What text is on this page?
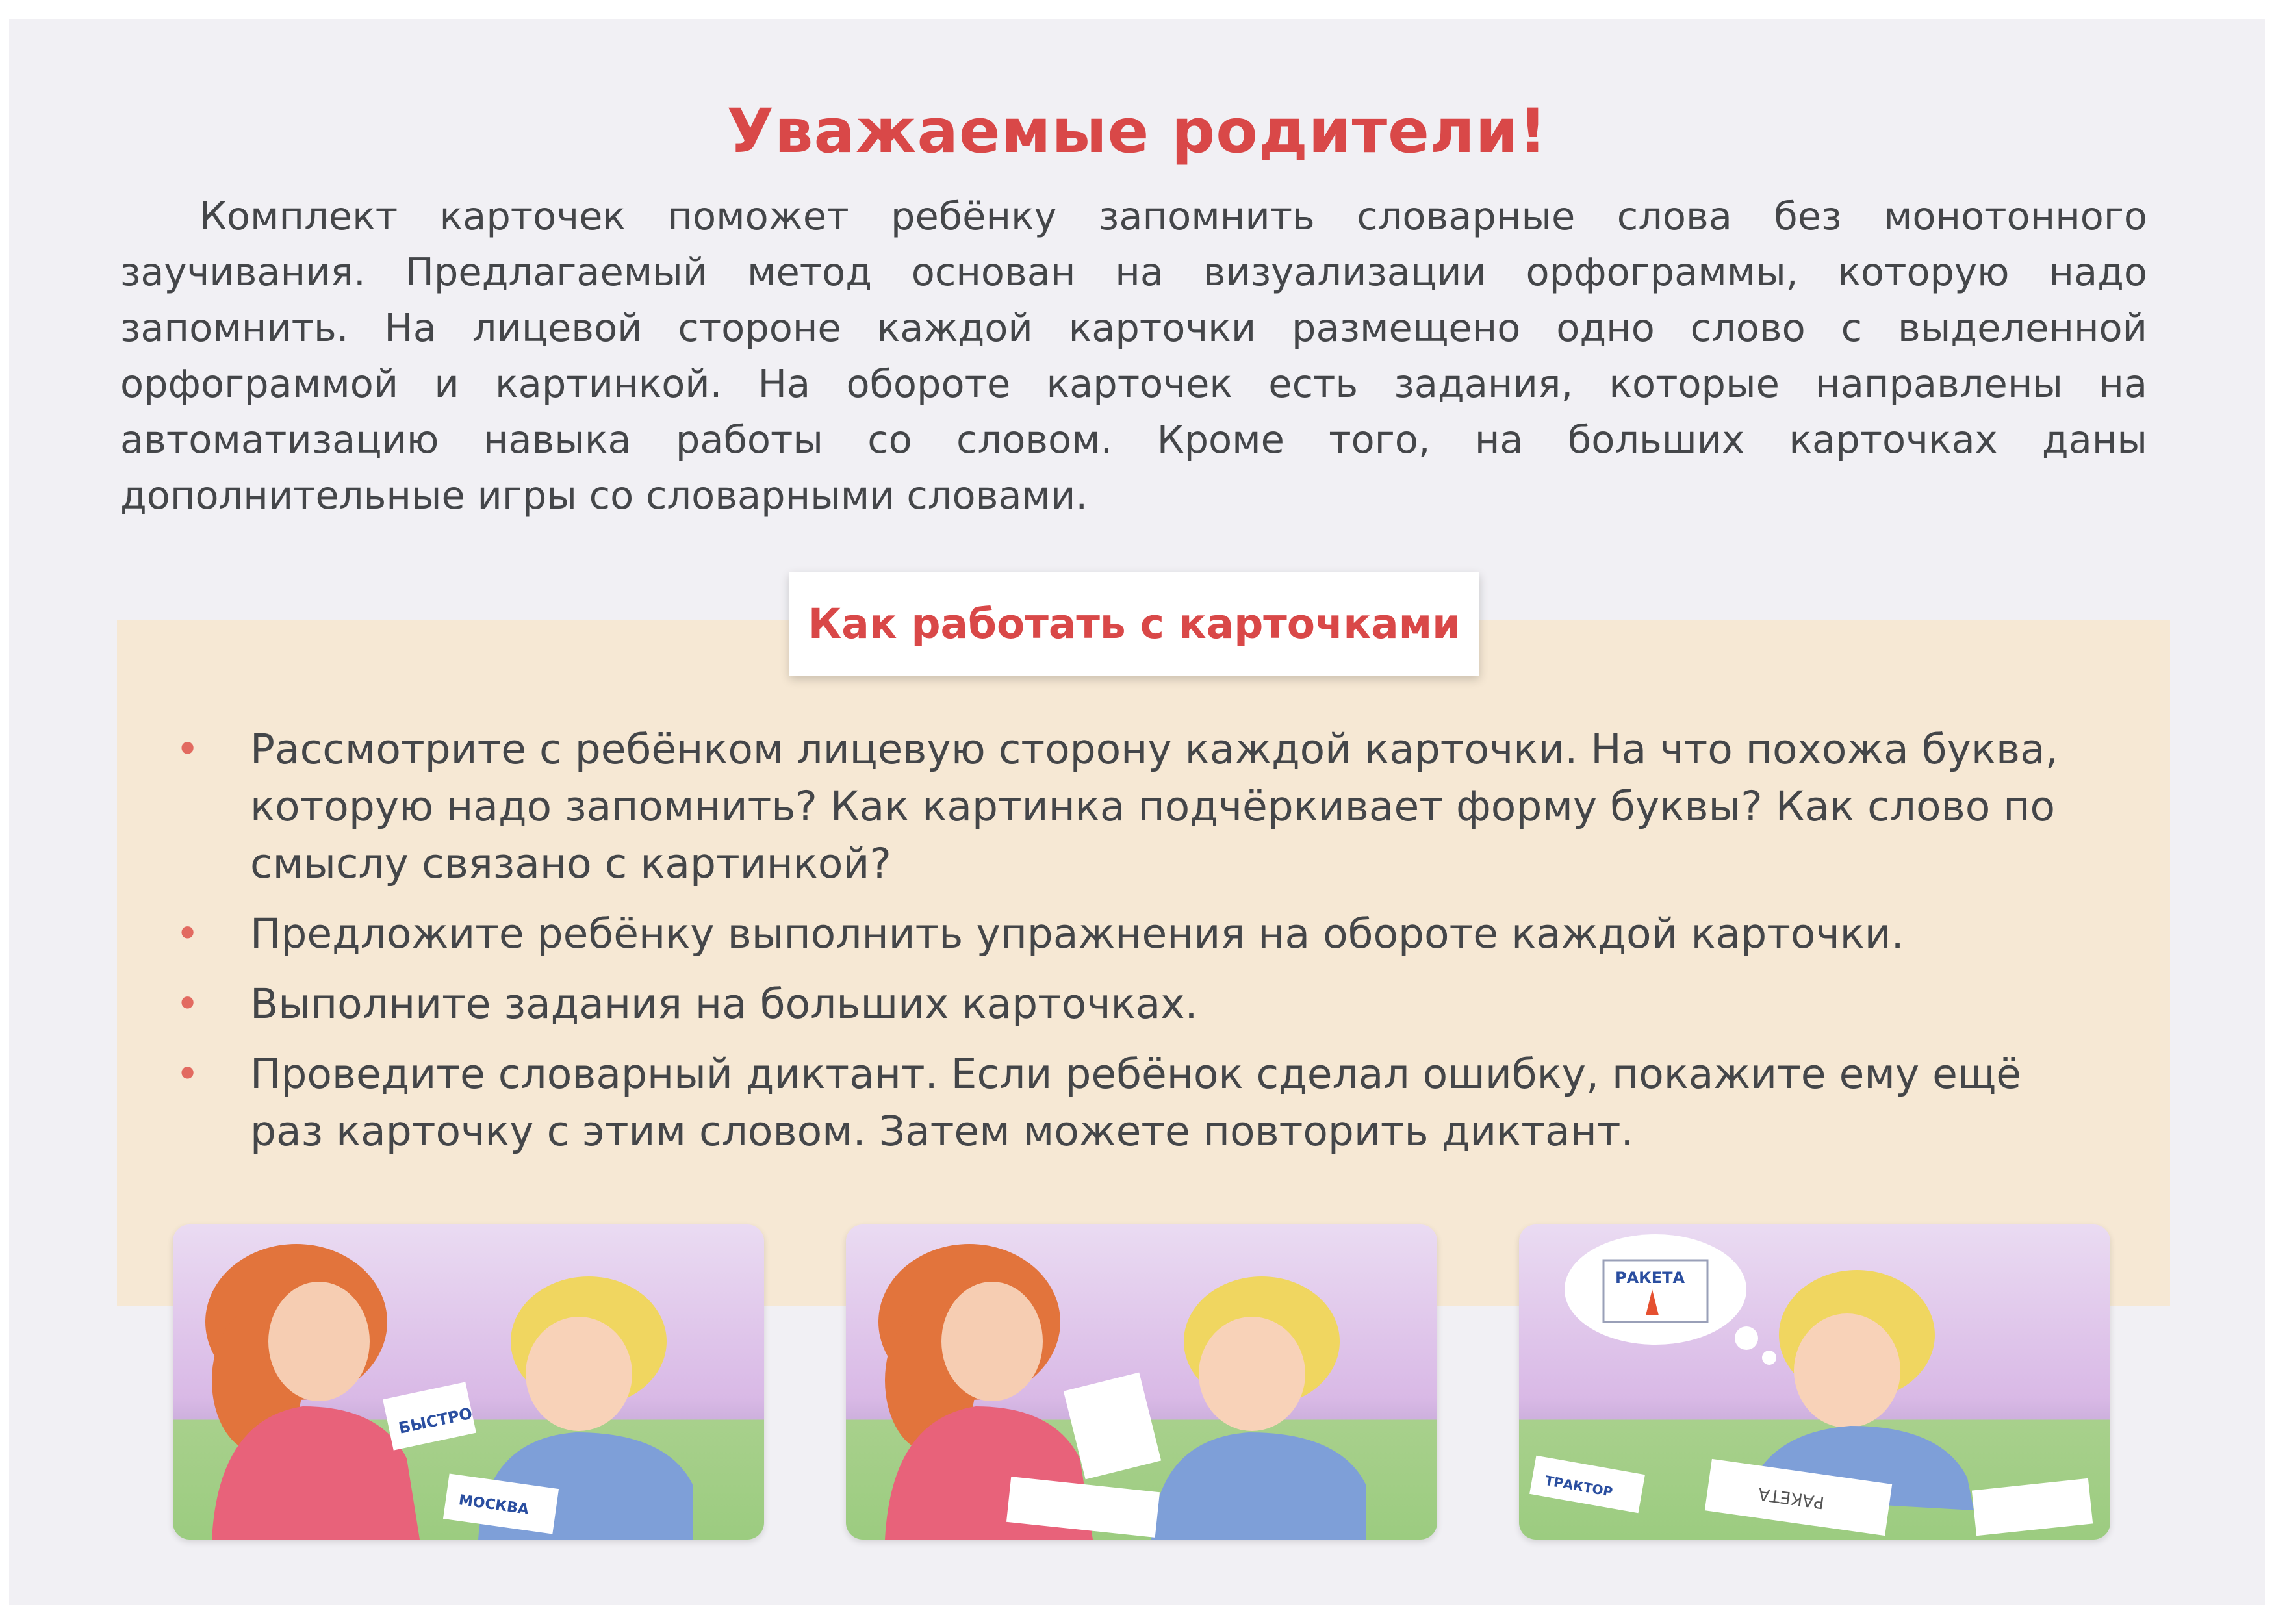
Уважаемые родители!

Комплект карточек поможет ребёнку запомнить словарные слова без монотонного заучивания. Предлагаемый метод основан на визуализации орфограммы, которую надо запомнить. На лицевой стороне каждой карточки размещено одно слово с выделенной орфограммой и картинкой. На обороте карточек есть задания, которые направлены на автоматизацию навыка работы со словом. Кроме того, на больших карточках даны дополнительные игры со словарными словами.

Как работать с карточками
• Рассмотрите с ребёнком лицевую сторону каждой карточки. На что похожа буква, которую надо запомнить? Как картинка подчёркивает форму буквы? Как слово по смыслу связано с картинкой?
• Предложите ребёнку выполнить упражнения на обороте каждой карточки.
• Выполните задания на больших карточках.
• Проведите словарный диктант. Если ребёнок сделал ошибку, покажите ему ещё раз карточку с этим словом. Затем можете повторить диктант.
БЫСТРО
МОСКВА
РАКЕТА
РАКЕТА
ТРАКТОР
